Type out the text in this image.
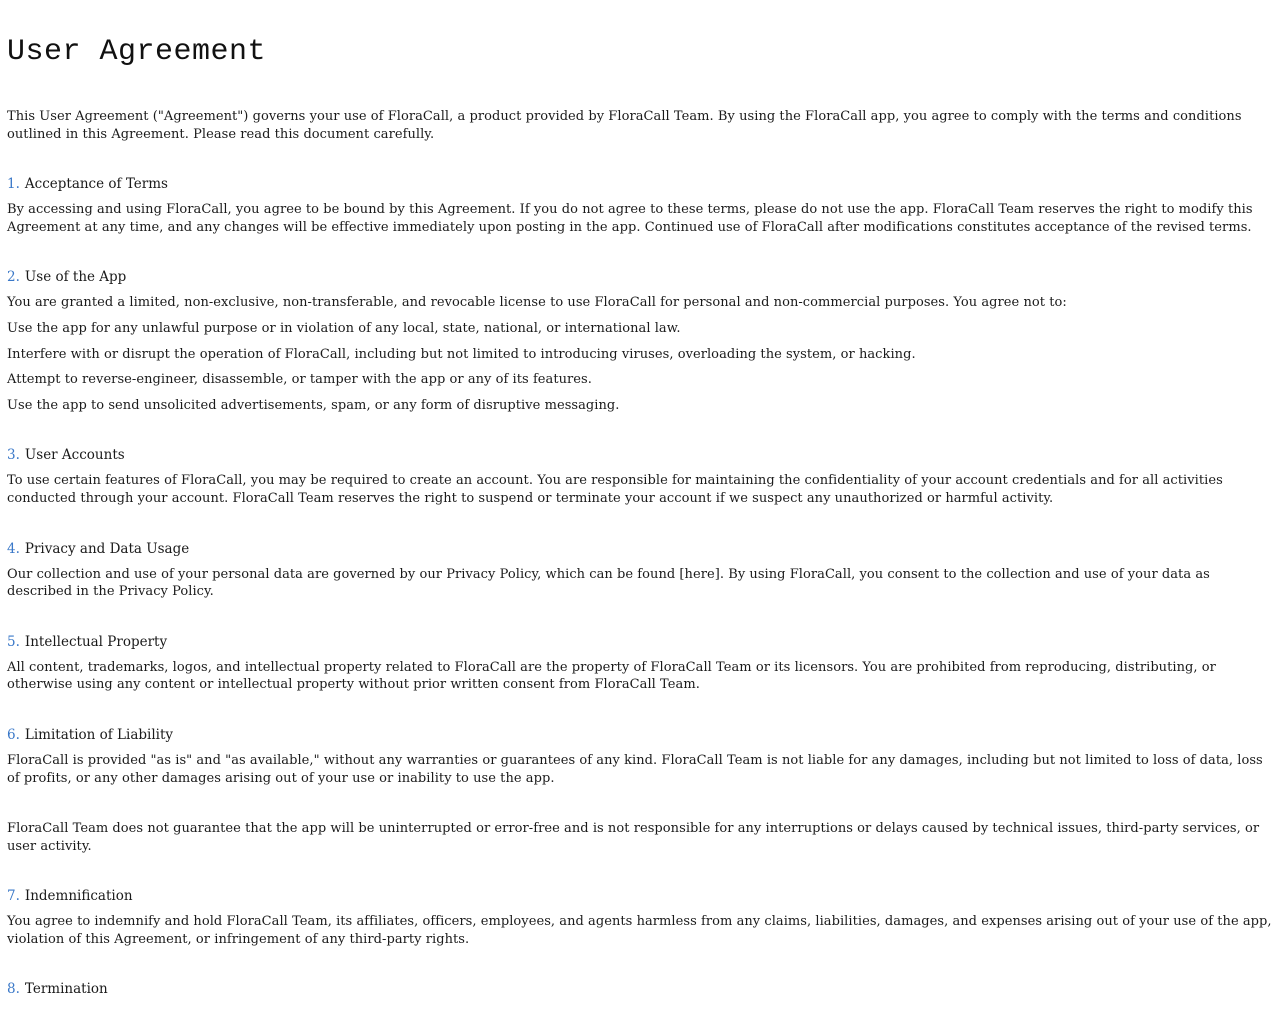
User Agreement

This User Agreement ("Agreement") governs your use of FloraCall, a product provided by FloraCall Team. By using the FloraCall app, you agree to comply with the terms and conditions outlined in this Agreement. Please read this document carefully.

1. Acceptance of Terms

By accessing and using FloraCall, you agree to be bound by this Agreement. If you do not agree to these terms, please do not use the app. FloraCall Team reserves the right to modify this Agreement at any time, and any changes will be effective immediately upon posting in the app. Continued use of FloraCall after modifications constitutes acceptance of the revised terms.

2. Use of the App

You are granted a limited, non-exclusive, non-transferable, and revocable license to use FloraCall for personal and non-commercial purposes. You agree not to:

Use the app for any unlawful purpose or in violation of any local, state, national, or international law.
Interfere with or disrupt the operation of FloraCall, including but not limited to introducing viruses, overloading the system, or hacking.
Attempt to reverse-engineer, disassemble, or tamper with the app or any of its features.
Use the app to send unsolicited advertisements, spam, or any form of disruptive messaging.
3. User Accounts

To use certain features of FloraCall, you may be required to create an account. You are responsible for maintaining the confidentiality of your account credentials and for all activities conducted through your account. FloraCall Team reserves the right to suspend or terminate your account if we suspect any unauthorized or harmful activity.

4. Privacy and Data Usage

Our collection and use of your personal data are governed by our Privacy Policy, which can be found [here]. By using FloraCall, you consent to the collection and use of your data as described in the Privacy Policy.

5. Intellectual Property

All content, trademarks, logos, and intellectual property related to FloraCall are the property of FloraCall Team or its licensors. You are prohibited from reproducing, distributing, or otherwise using any content or intellectual property without prior written consent from FloraCall Team.

6. Limitation of Liability

FloraCall is provided "as is" and "as available," without any warranties or guarantees of any kind. FloraCall Team is not liable for any damages, including but not limited to loss of data, loss of profits, or any other damages arising out of your use or inability to use the app.

FloraCall Team does not guarantee that the app will be uninterrupted or error-free and is not responsible for any interruptions or delays caused by technical issues, third-party services, or user activity.

7. Indemnification

You agree to indemnify and hold FloraCall Team, its affiliates, officers, employees, and agents harmless from any claims, liabilities, damages, and expenses arising out of your use of the app, violation of this Agreement, or infringement of any third-party rights.

8. Termination
